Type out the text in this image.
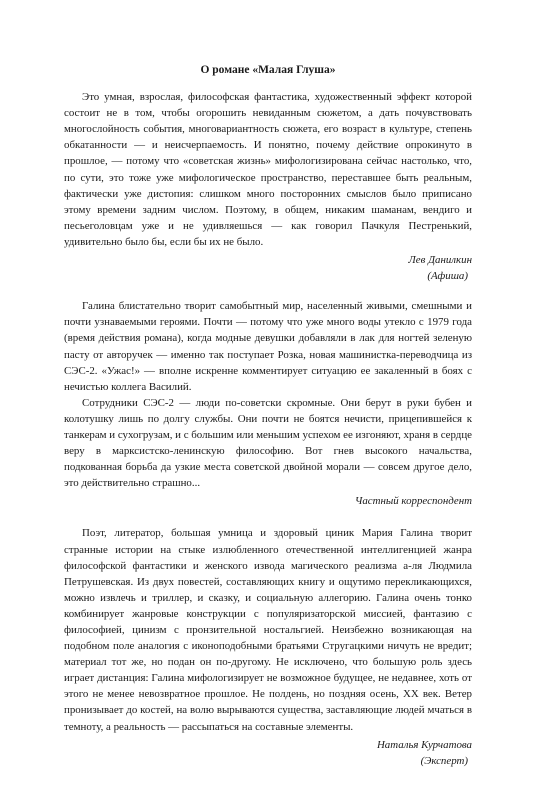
О романе «Малая Глуша»

Это умная, взрослая, философская фантастика, художественный эффект которой состоит не в том, чтобы огорошить невиданным сюжетом, а дать почувствовать многослойность события, многовариантность сюжета, его возраст в культуре, степень обкатанности — и неисчерпаемость. И понятно, почему действие опрокинуто в прошлое, — потому что «советская жизнь» мифологизирована сейчас настолько, что, по сути, это тоже уже мифологическое пространство, переставшее быть реальным, фактически уже дистопия: слишком много посторонних смыслов было приписано этому времени задним числом. Поэтому, в общем, никаким шаманам, вендиго и песьеголовцам уже и не удивляешься — как говорил Пачкуля Пестренький, удивительно было бы, если бы их не было.

Лев Данилкин
(Афиша)

Галина блистательно творит самобытный мир, населенный живыми, смешными и почти узнаваемыми героями. Почти — потому что уже много воды утекло с 1979 года (время действия романа), когда модные девушки добавляли в лак для ногтей зеленую пасту от авторучек — именно так поступает Розка, новая машинистка-переводчица из СЭС-2. «Ужас!» — вполне искренне комментирует ситуацию ее закаленный в боях с нечистью коллега Василий.

Сотрудники СЭС-2 — люди по-советски скромные. Они берут в руки бубен и колотушку лишь по долгу службы. Они почти не боятся нечисти, прицепившейся к танкерам и сухогрузам, и с большим или меньшим успехом ее изгоняют, храня в сердце веру в марксистско-ленинскую философию. Вот гнев высокого начальства, подкованная борьба да узкие места советской двойной морали — совсем другое дело, это действительно страшно...

Частный корреспондент

Поэт, литератор, большая умница и здоровый циник Мария Галина творит странные истории на стыке излюбленного отечественной интеллигенцией жанра философской фантастики и женского извода магического реализма а-ля Людмила Петрушевская. Из двух повестей, составляющих книгу и ощутимо перекликающихся, можно извлечь и триллер, и сказку, и социальную аллегорию. Галина очень тонко комбинирует жанровые конструкции с популяризаторской миссией, фантазию с философией, цинизм с пронзительной ностальгией. Неизбежно возникающая на подобном поле аналогия с иконоподобными братьями Стругацкими ничуть не вредит; материал тот же, но подан он по-другому. Не исключено, что большую роль здесь играет дистанция: Галина мифологизирует не возможное будущее, не недавнее, хоть от этого не менее невозвратное прошлое. Не полдень, но поздняя осень, XX век. Ветер пронизывает до костей, на волю вырываются существа, заставляющие людей мчаться в темноту, а реальность — рассыпаться на составные элементы.

Наталья Курчатова
(Эксперт)
